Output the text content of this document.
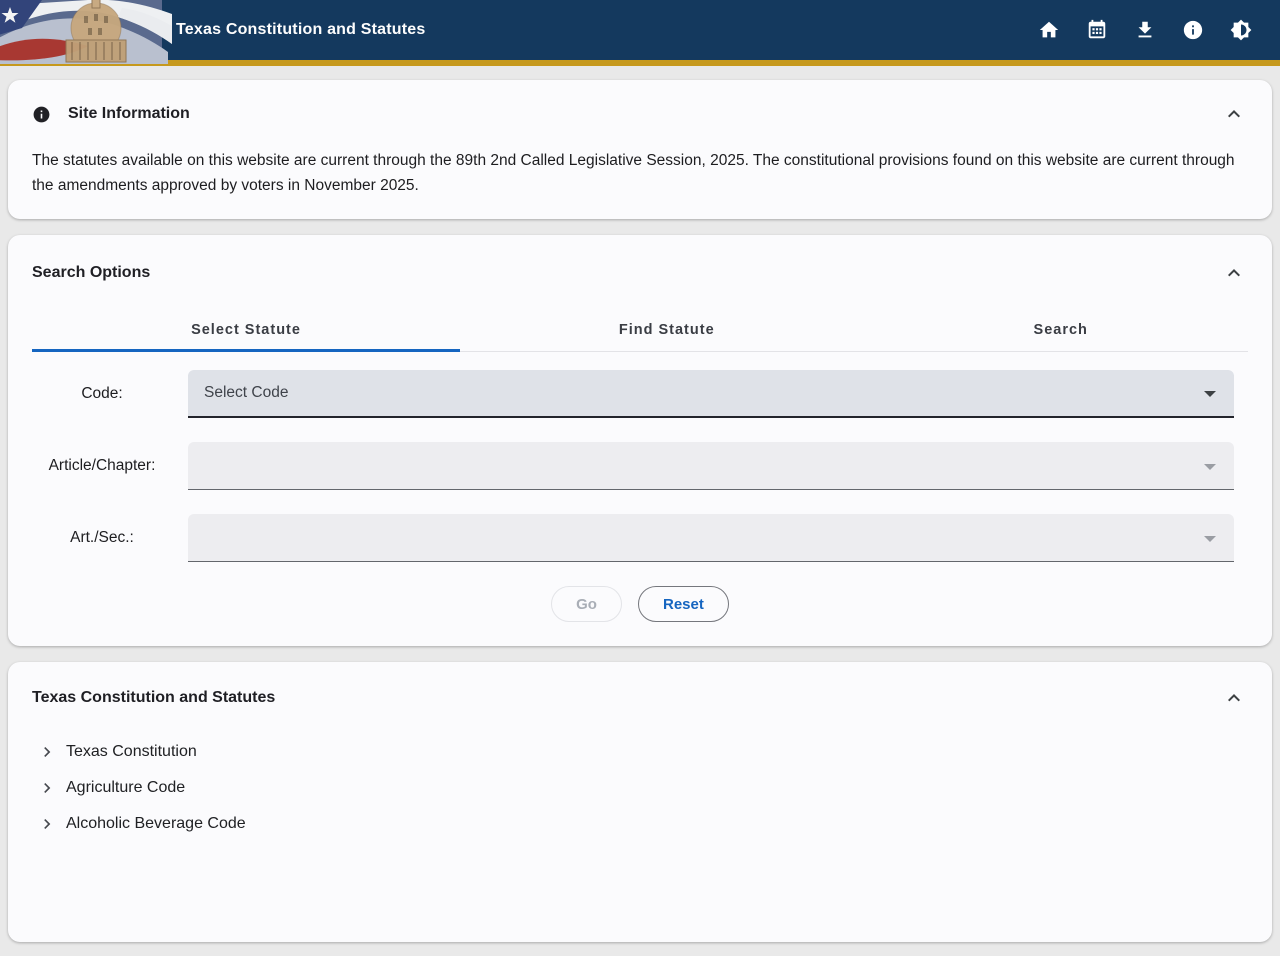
Texas Constitution and Statutes
Site Information

The statutes available on this website are current through the 89th 2nd Called Legislative Session, 2025. The constitutional provisions found on this website are current through the amendments approved by voters in November 2025.

Search Options
Select Statute	Find Statute	Search
Code:	Select Code
Article/Chapter:
Art./Sec.:
Go	Reset
Texas Constitution and Statutes
Texas Constitution
Agriculture Code
Alcoholic Beverage Code
